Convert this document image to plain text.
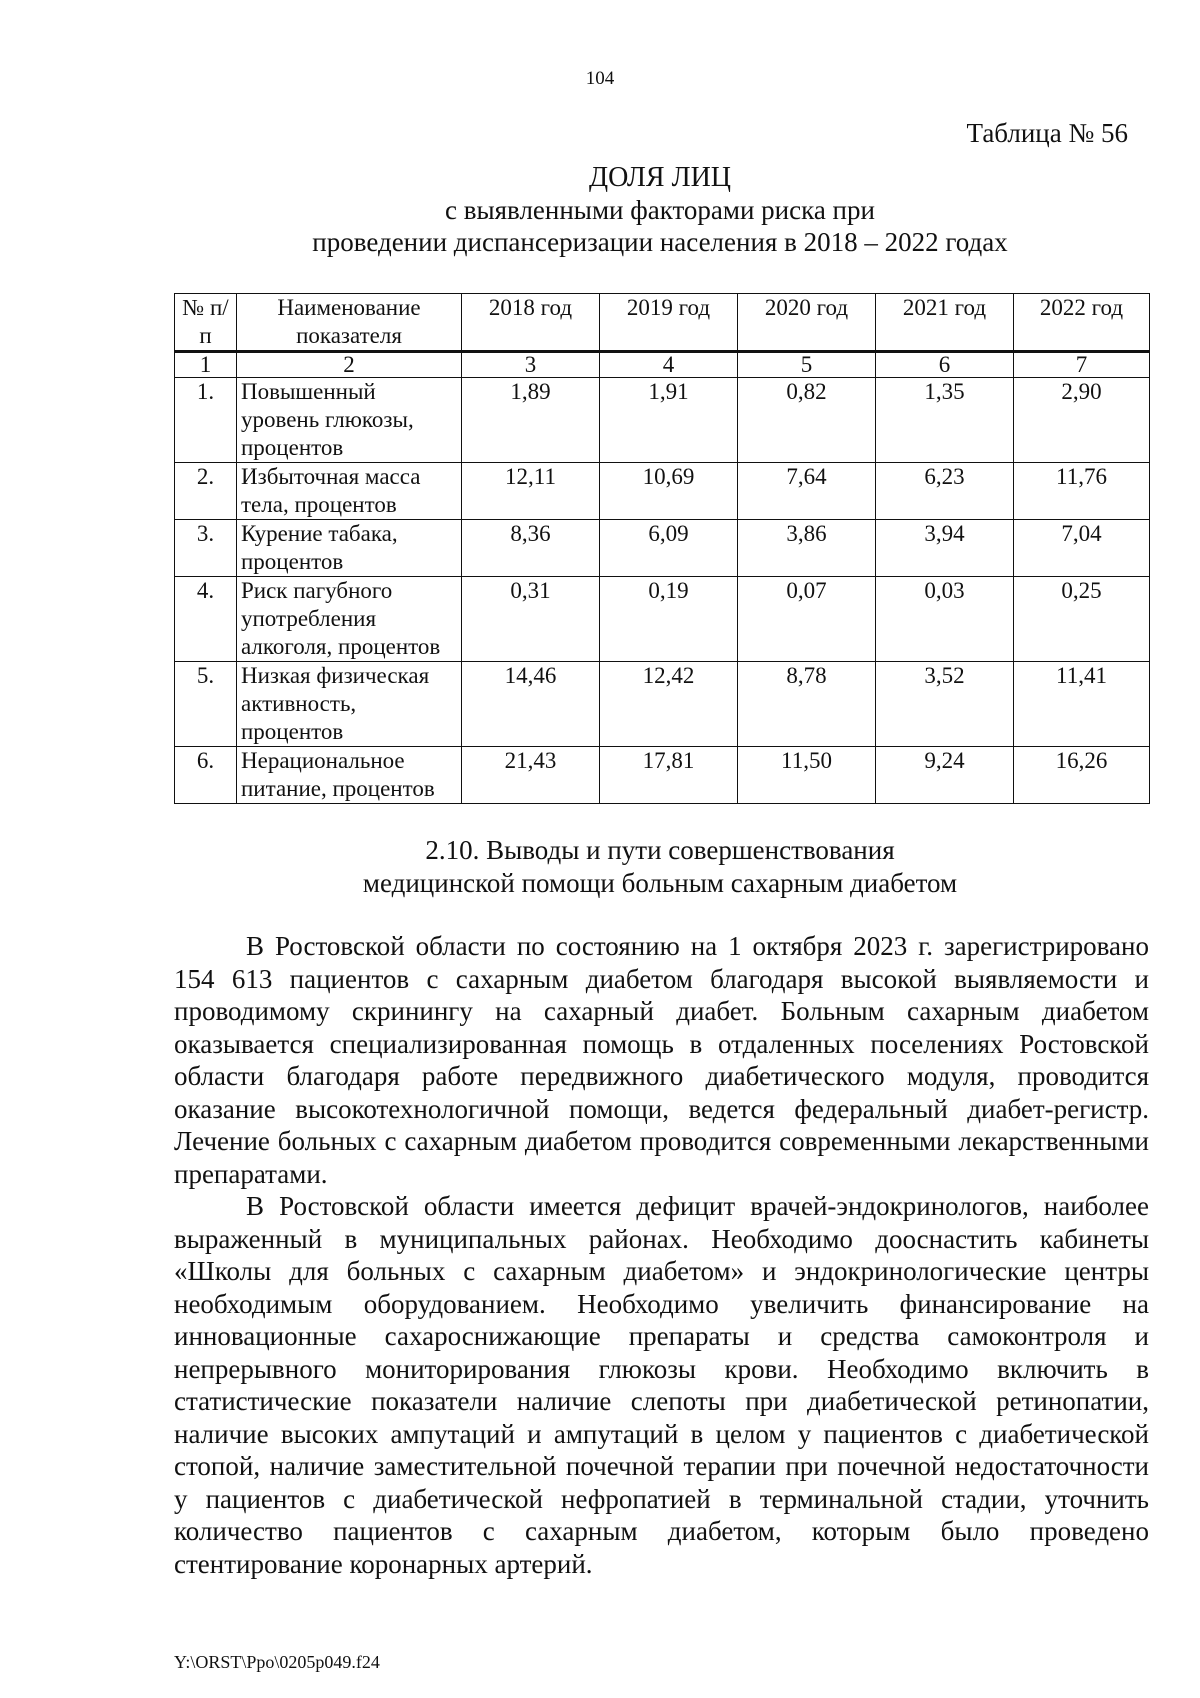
104
Таблица № 56
ДОЛЯ ЛИЦ
с выявленными факторами риска при
проведении диспансеризации населения в 2018 – 2022 годах
№ п/п	Наименование показателя	2018 год	2019 год	2020 год	2021 год	2022 год
1	2	3	4	5	6	7
1.	Повышенный уровень глюкозы, процентов	1,89	1,91	0,82	1,35	2,90
2.	Избыточная масса тела, процентов	12,11	10,69	7,64	6,23	11,76
3.	Курение табака, процентов	8,36	6,09	3,86	3,94	7,04
4.	Риск пагубного употребления алкоголя, процентов	0,31	0,19	0,07	0,03	0,25
5.	Низкая физическая активность, процентов	14,46	12,42	8,78	3,52	11,41
6.	Нерациональное питание, процентов	21,43	17,81	11,50	9,24	16,26
2.10. Выводы и пути совершенствования
медицинской помощи больным сахарным диабетом

В Ростовской области по состоянию на 1 октября 2023 г. зарегистрировано 154 613 пациентов с сахарным диабетом благодаря высокой выявляемости и проводимому скринингу на сахарный диабет. Больным сахарным диабетом оказывается специализированная помощь в отдаленных поселениях Ростовской области благодаря работе передвижного диабетического модуля, проводится оказание высокотехнологичной помощи, ведется федеральный диабет-регистр. Лечение больных с сахарным диабетом проводится современными лекарственными препаратами.

В Ростовской области имеется дефицит врачей-эндокринологов, наиболее выраженный в муниципальных районах. Необходимо дооснастить кабинеты «Школы для больных с сахарным диабетом» и эндокринологические центры необходимым оборудованием. Необходимо увеличить финансирование на инновационные сахароснижающие препараты и средства самоконтроля и непрерывного мониторирования глюкозы крови. Необходимо включить в статистические показатели наличие слепоты при диабетической ретинопатии, наличие высоких ампутаций и ампутаций в целом у пациентов с диабетической стопой, наличие заместительной почечной терапии при почечной недостаточности у пациентов с диабетической нефропатией в терминальной стадии, уточнить количество пациентов с сахарным диабетом, которым было проведено стентирование коронарных артерий.

Y:\ORST\Ppo\0205p049.f24
